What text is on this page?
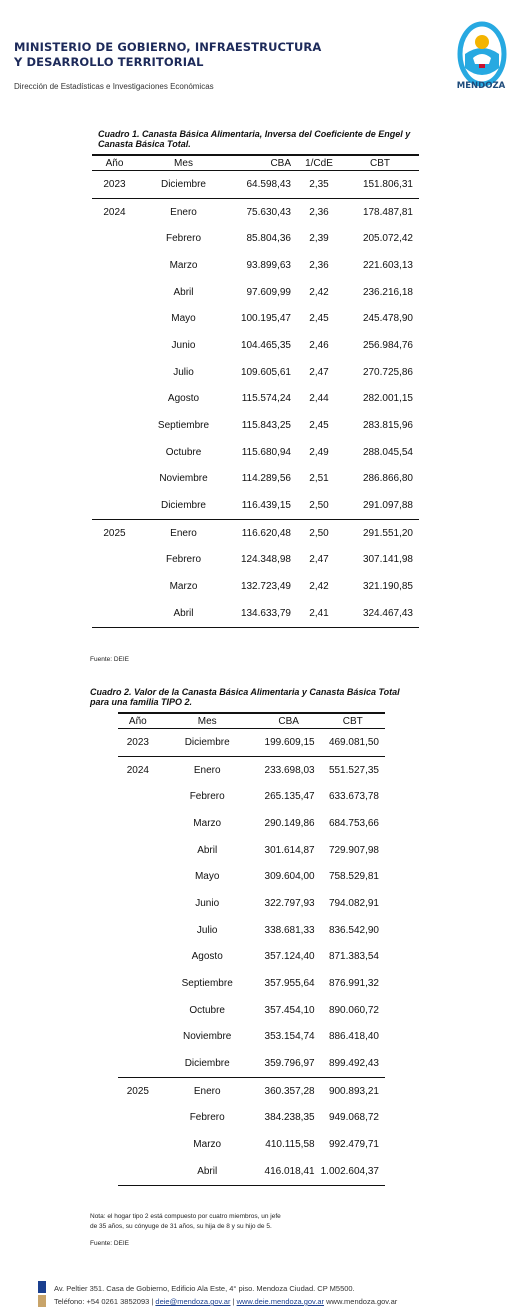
MINISTERIO DE GOBIERNO, INFRAESTRUCTURA
Y DESARROLLO TERRITORIAL
Dirección de Estadísticas e Investigaciones Económicas	MENDOZA
Cuadro 1. Canasta Básica Alimentaria, Inversa del Coeficiente de Engel y
Canasta Básica Total.
Año	Mes	CBA	1/CdE	CBT
2023	Diciembre	64.598,43	2,35	151.806,31
2024	Enero	75.630,43	2,36	178.487,81
	Febrero	85.804,36	2,39	205.072,42
	Marzo	93.899,63	2,36	221.603,13
	Abril	97.609,99	2,42	236.216,18
	Mayo	100.195,47	2,45	245.478,90
	Junio	104.465,35	2,46	256.984,76
	Julio	109.605,61	2,47	270.725,86
	Agosto	115.574,24	2,44	282.001,15
	Septiembre	115.843,25	2,45	283.815,96
	Octubre	115.680,94	2,49	288.045,54
	Noviembre	114.289,56	2,51	286.866,80
	Diciembre	116.439,15	2,50	291.097,88
2025	Enero	116.620,48	2,50	291.551,20
	Febrero	124.348,98	2,47	307.141,98
	Marzo	132.723,49	2,42	321.190,85
	Abril	134.633,79	2,41	324.467,43
Fuente: DEIE
Cuadro 2. Valor de la Canasta Básica Alimentaria y Canasta Básica Total
para una familia TIPO 2.
Año	Mes	CBA	CBT
2023	Diciembre	199.609,15	469.081,50
2024	Enero	233.698,03	551.527,35
	Febrero	265.135,47	633.673,78
	Marzo	290.149,86	684.753,66
	Abril	301.614,87	729.907,98
	Mayo	309.604,00	758.529,81
	Junio	322.797,93	794.082,91
	Julio	338.681,33	836.542,90
	Agosto	357.124,40	871.383,54
	Septiembre	357.955,64	876.991,32
	Octubre	357.454,10	890.060,72
	Noviembre	353.154,74	886.418,40
	Diciembre	359.796,97	899.492,43
2025	Enero	360.357,28	900.893,21
	Febrero	384.238,35	949.068,72
	Marzo	410.115,58	992.479,71
	Abril	416.018,41	1.002.604,37
Nota: el hogar tipo 2 está compuesto por cuatro miembros, un jefe
de 35 años, su cónyuge de 31 años, su hija de 8 y su hijo de 5.
Fuente: DEIE
Av. Peltier 351. Casa de Gobierno, Edificio Ala Este, 4° piso. Mendoza Ciudad. CP M5500.
Teléfono: +54 0261 3852093 | deie@mendoza.gov.ar | www.deie.mendoza.gov.ar www.mendoza.gov.ar
